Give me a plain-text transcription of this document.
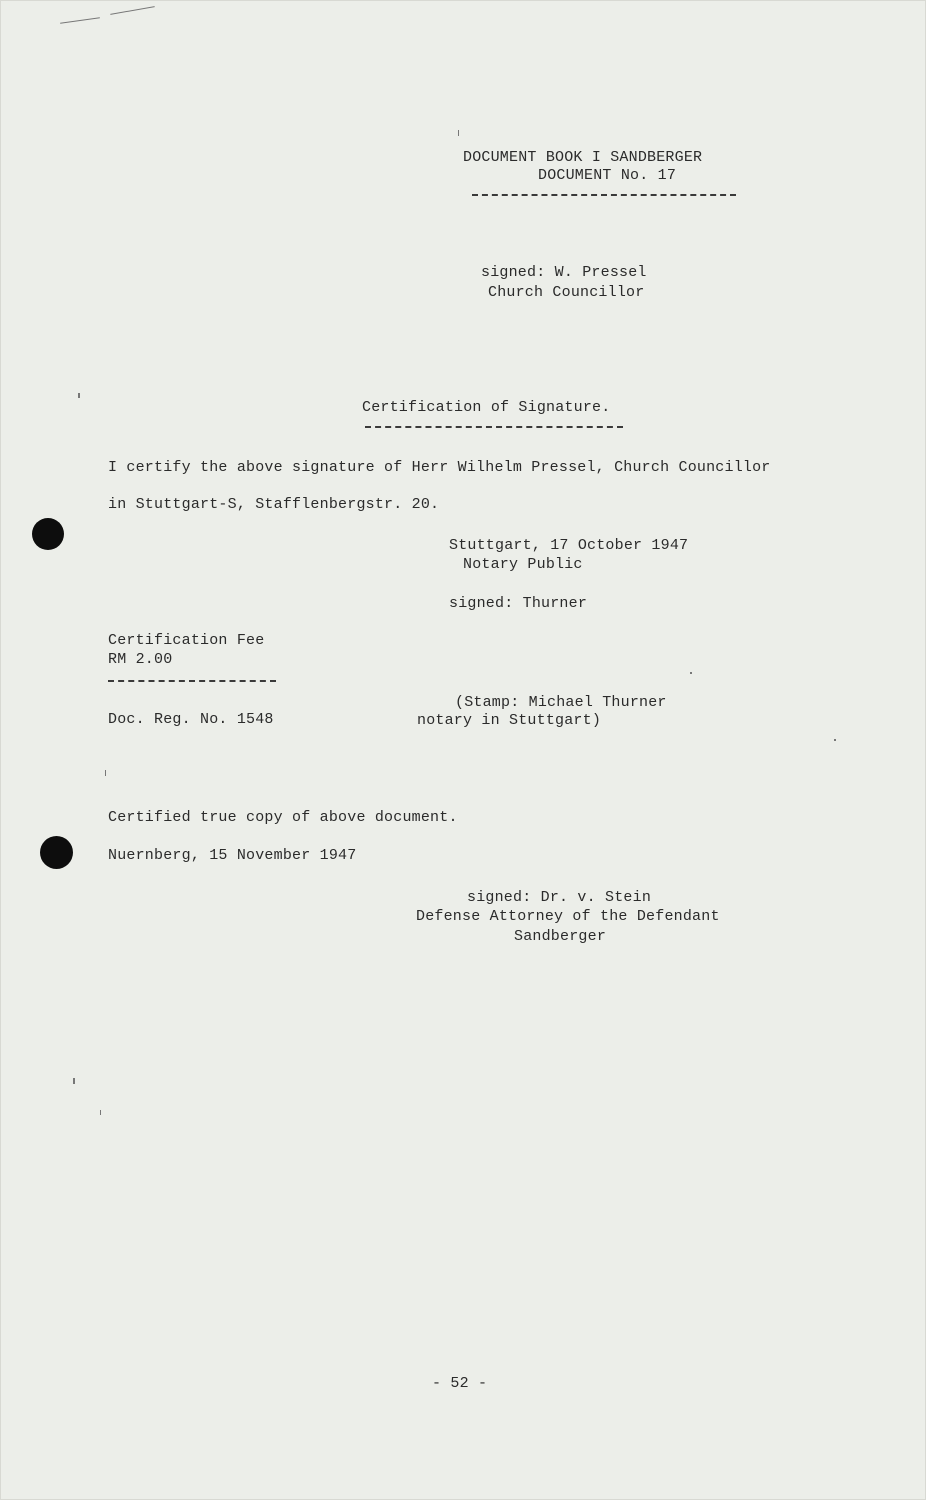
DOCUMENT BOOK I SANDBERGER
DOCUMENT No. 17
signed: W. Pressel
Church Councillor
Certification of Signature.
I certify the above signature of Herr Wilhelm Pressel, Church Councillor
in Stuttgart-S, Stafflenbergstr. 20.
Stuttgart, 17 October 1947
Notary Public
signed: Thurner
Certification Fee
RM 2.00
(Stamp: Michael Thurner
Doc. Reg. No. 1548	notary in Stuttgart)
Certified true copy of above document.
Nuernberg, 15 November 1947
signed: Dr. v. Stein
Defense Attorney of the Defendant
Sandberger
- 52 -
